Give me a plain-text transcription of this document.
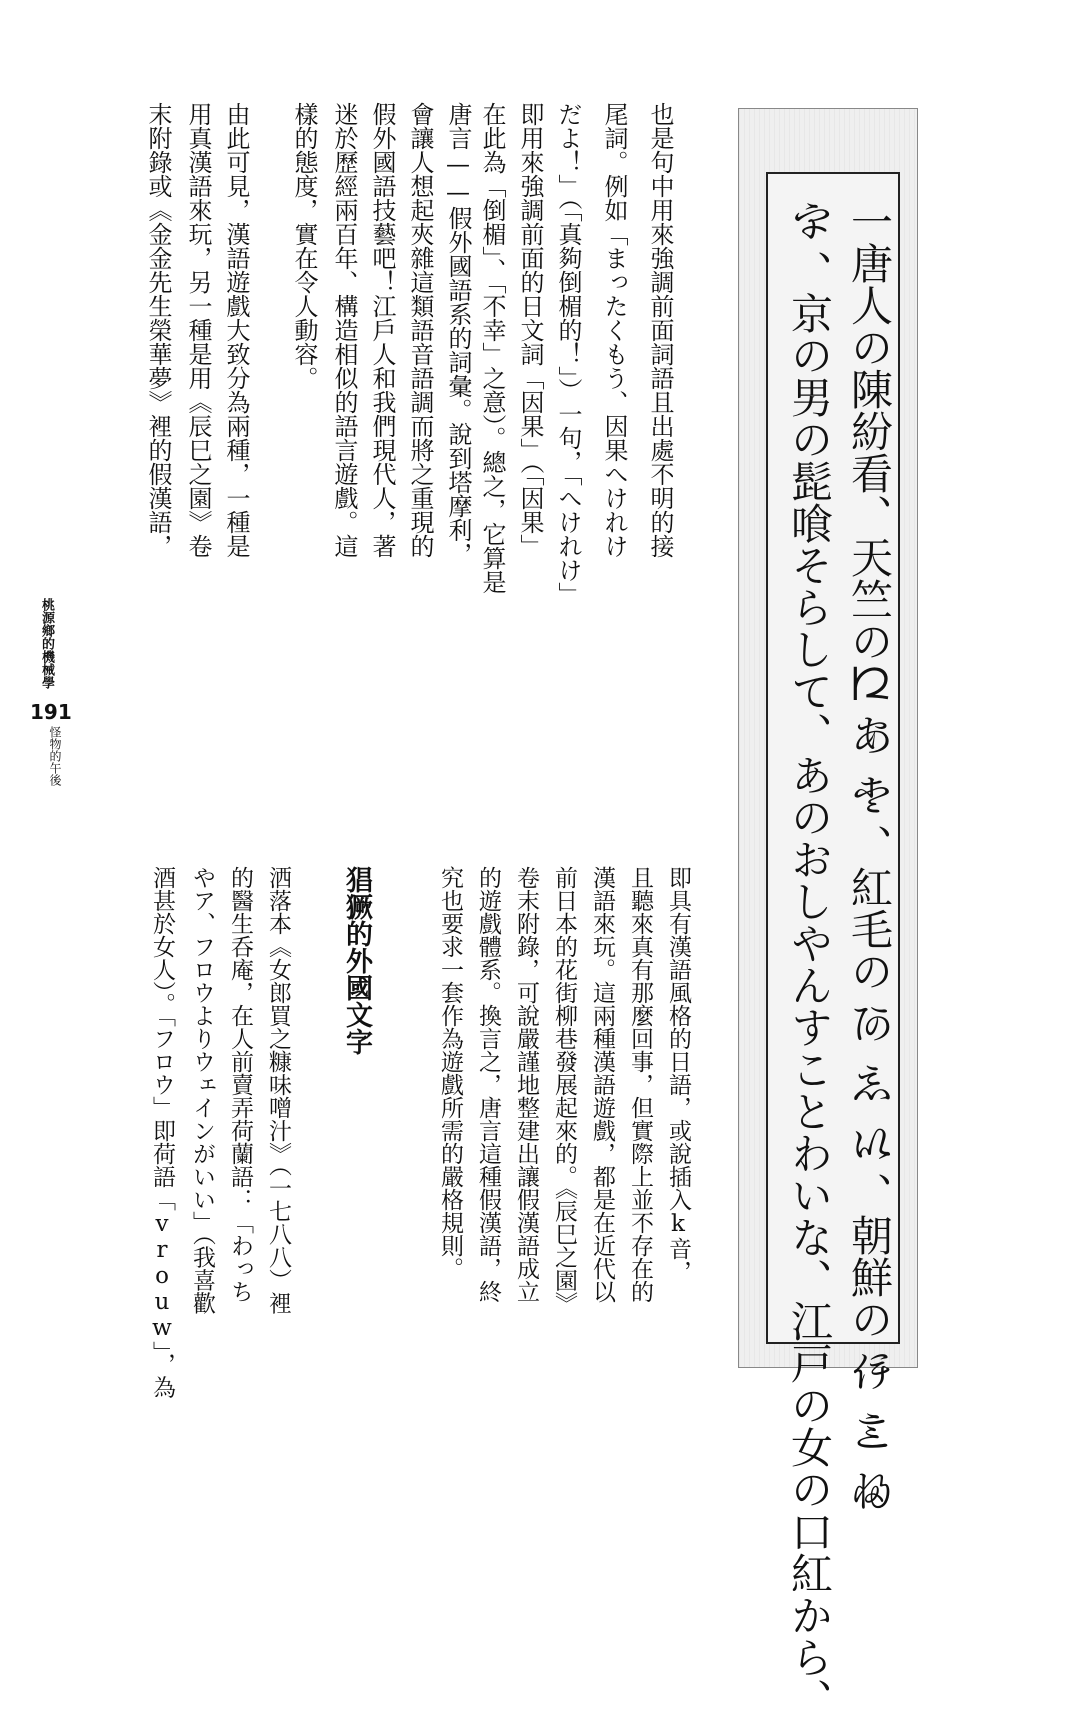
一唐人の陳紛看、天竺の𛀁𛀂𛀃、紅毛の𛀄𛀅𛀆、朝鮮の𛀇𛀈𛀉
𛀊、京の男の髭喰そらして、あのおしやんすことわいな、江戸の女の口紅から、
也是句中用來強調前面詞語且出處不明的接
尾詞。例如「まったくもう、因果へけれけ
だよ！」（「真夠倒楣的！」）一句，「へけれけ」
即用來強調前面的日文詞「因果」（「因果」
在此為「倒楣」、「不幸」之意）。總之，它算是
唐言——假外國語系的詞彙。說到塔摩利，
會讓人想起夾雜這類語音語調而將之重現的
假外國語技藝吧！江戶人和我們現代人，著
迷於歷經兩百年、構造相似的語言遊戲。這
樣的態度，實在令人動容。
由此可見，漢語遊戲大致分為兩種，一種是
用真漢語來玩，另一種是用《辰巳之園》卷
末附錄或《金金先生榮華夢》裡的假漢語，
即具有漢語風格的日語，或說插入k音，
且聽來真有那麼回事，但實際上並不存在的
漢語來玩。這兩種漢語遊戲，都是在近代以
前日本的花街柳巷發展起來的。《辰巳之園》
卷末附錄，可說嚴謹地整建出讓假漢語成立
的遊戲體系。換言之，唐言這種假漢語，終
究也要求一套作為遊戲所需的嚴格規則。
猖獗的外國文字
洒落本《女郎買之糠味噌汁》（一七八八）裡
的醫生呑庵，在人前賣弄荷蘭語：「わっち
やア、フロウよりウェインがいい」（我喜歡
酒甚於女人）。「フロウ」即荷語「vrouw」，為
桃源鄉的機械學
191
怪物的午後
